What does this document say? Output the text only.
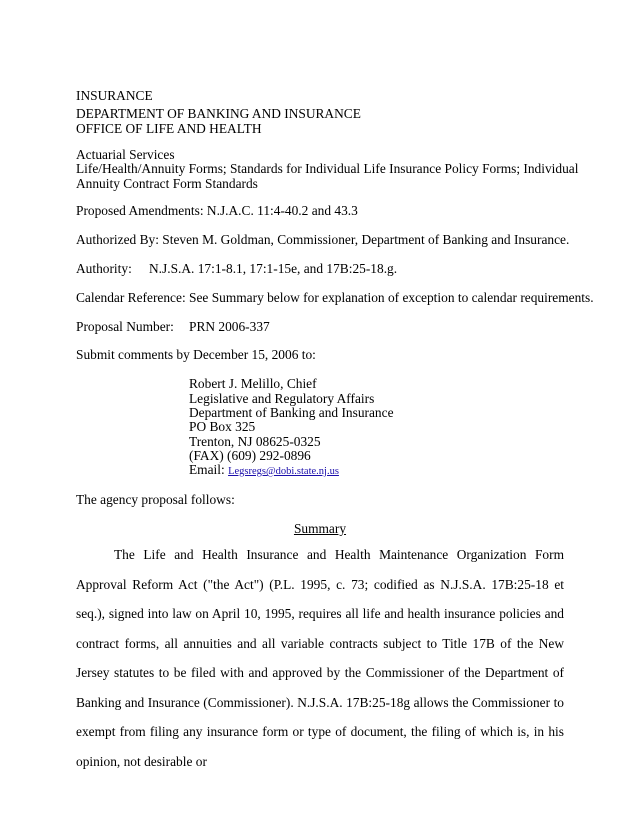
INSURANCE
DEPARTMENT OF BANKING AND INSURANCE
OFFICE OF LIFE AND HEALTH
Actuarial Services
Life/Health/Annuity Forms; Standards for Individual Life Insurance Policy Forms; Individual
Annuity Contract Form Standards
Proposed Amendments: N.J.A.C. 11:4-40.2 and 43.3
Authorized By: Steven M. Goldman, Commissioner, Department of Banking and Insurance.
Authority: N.J.S.A. 17:1-8.1, 17:1-15e, and 17B:25-18.g.
Calendar Reference: See Summary below for explanation of exception to calendar requirements.
Proposal Number: PRN 2006-337
Submit comments by December 15, 2006 to:
Robert J. Melillo, Chief
Legislative and Regulatory Affairs
Department of Banking and Insurance
PO Box 325
Trenton, NJ 08625-0325
(FAX) (609) 292-0896
Email: Legsregs@dobi.state.nj.us
The agency proposal follows:
Summary
The Life and Health Insurance and Health Maintenance Organization Form Approval Reform Act ("the Act") (P.L. 1995, c. 73; codified as N.J.S.A. 17B:25-18 et seq.), signed into law on April 10, 1995, requires all life and health insurance policies and contract forms, all annuities and all variable contracts subject to Title 17B of the New Jersey statutes to be filed with and approved by the Commissioner of the Department of Banking and Insurance (Commissioner). N.J.S.A. 17B:25-18g allows the Commissioner to exempt from filing any insurance form or type of document, the filing of which is, in his opinion, not desirable or
